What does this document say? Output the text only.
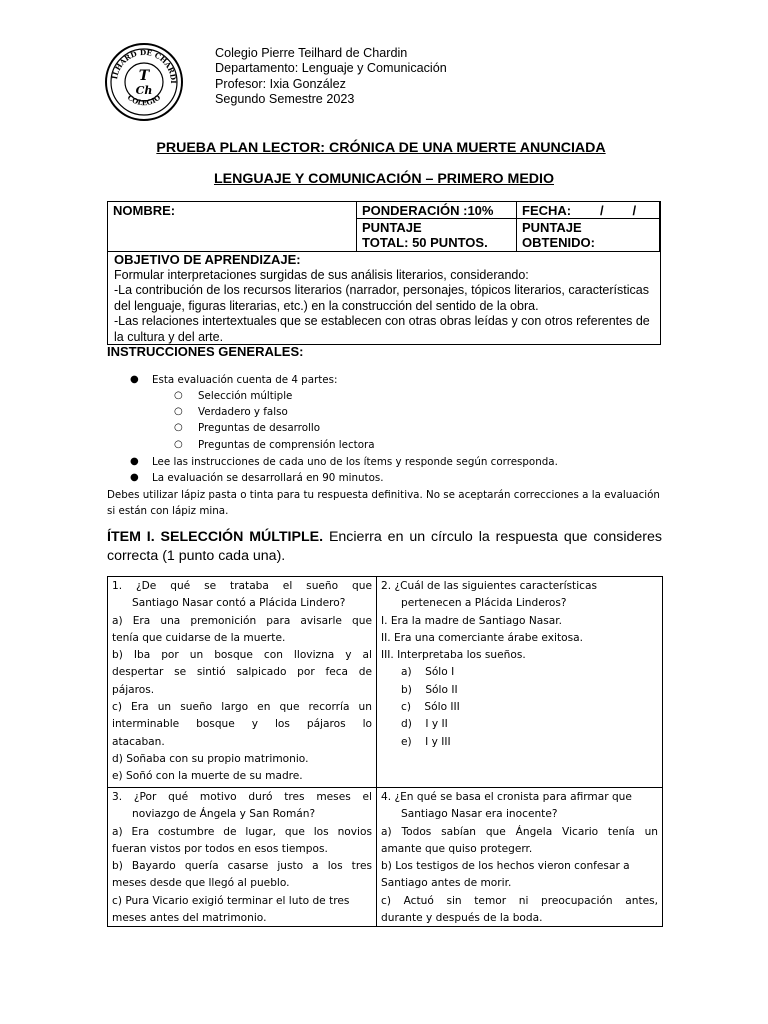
ILHARD DE CHARDI
COLEGIO
T
Ch
Colegio Pierre Teilhard de Chardin
Departamento: Lenguaje y Comunicación
Profesor: Ixia González
Segundo Semestre 2023
PRUEBA PLAN LECTOR: CRÓNICA DE UNA MUERTE ANUNCIADA
LENGUAJE Y COMUNICACIÓN – PRIMERO MEDIO
NOMBRE:	PONDERACIÓN :10%	FECHA:        /        /
PUNTAJE
TOTAL: 50 PUNTOS.
PUNTAJE
OBTENIDO:
OBJETIVO DE APRENDIZAJE:
Formular interpretaciones surgidas de sus análisis literarios, considerando:
-La contribución de los recursos literarios (narrador, personajes, tópicos literarios, características del lenguaje, figuras literarias, etc.) en la construcción del sentido de la obra.
-Las relaciones intertextuales que se establecen con otras obras leídas y con otros referentes de la cultura y del arte.
INSTRUCCIONES GENERALES:
● Esta evaluación cuenta de 4 partes:
○ Selección múltiple
○ Verdadero y falso
○ Preguntas de desarrollo
○ Preguntas de comprensión lectora
● Lee las instrucciones de cada uno de los ítems y responde según corresponda.
● La evaluación se desarrollará en 90 minutos.
Debes utilizar lápiz pasta o tinta para tu respuesta definitiva. No se aceptarán correcciones a la evaluación si están con lápiz mina.
ÍTEM I. SELECCIÓN MÚLTIPLE. Encierra en un círculo la respuesta que consideres correcta (1 punto cada una).
1. ¿De qué se trataba el sueño que
Santiago Nasar contó a Plácida Lindero?
a) Era una premonición para avisarle que
tenía que cuidarse de la muerte.
b) Iba por un bosque con llovizna y al
despertar se sintió salpicado por feca de
pájaros.
c) Era un sueño largo en que recorría un
interminable bosque y los pájaros lo
atacaban.
d) Soñaba con su propio matrimonio.
e) Soñó con la muerte de su madre.
2. ¿Cuál de las siguientes características
pertenecen a Plácida Linderos?
I. Era la madre de Santiago Nasar.
II. Era una comerciante árabe exitosa.
III. Interpretaba los sueños.
a)    Sólo I
b)    Sólo II
c)    Sólo III
d)    I y II
e)    I y III
3. ¿Por qué motivo duró tres meses el
noviazgo de Ángela y San Román?
a) Era costumbre de lugar, que los novios
fueran vistos por todos en esos tiempos.
b) Bayardo quería casarse justo a los tres
meses desde que llegó al pueblo.
c) Pura Vicario exigió terminar el luto de tres
meses antes del matrimonio.
4. ¿En qué se basa el cronista para afirmar que
Santiago Nasar era inocente?
a) Todos sabían que Ángela Vicario tenía un
amante que quiso protegerr.
b) Los testigos de los hechos vieron confesar a
Santiago antes de morir.
c) Actuó sin temor ni preocupación antes,
durante y después de la boda.
